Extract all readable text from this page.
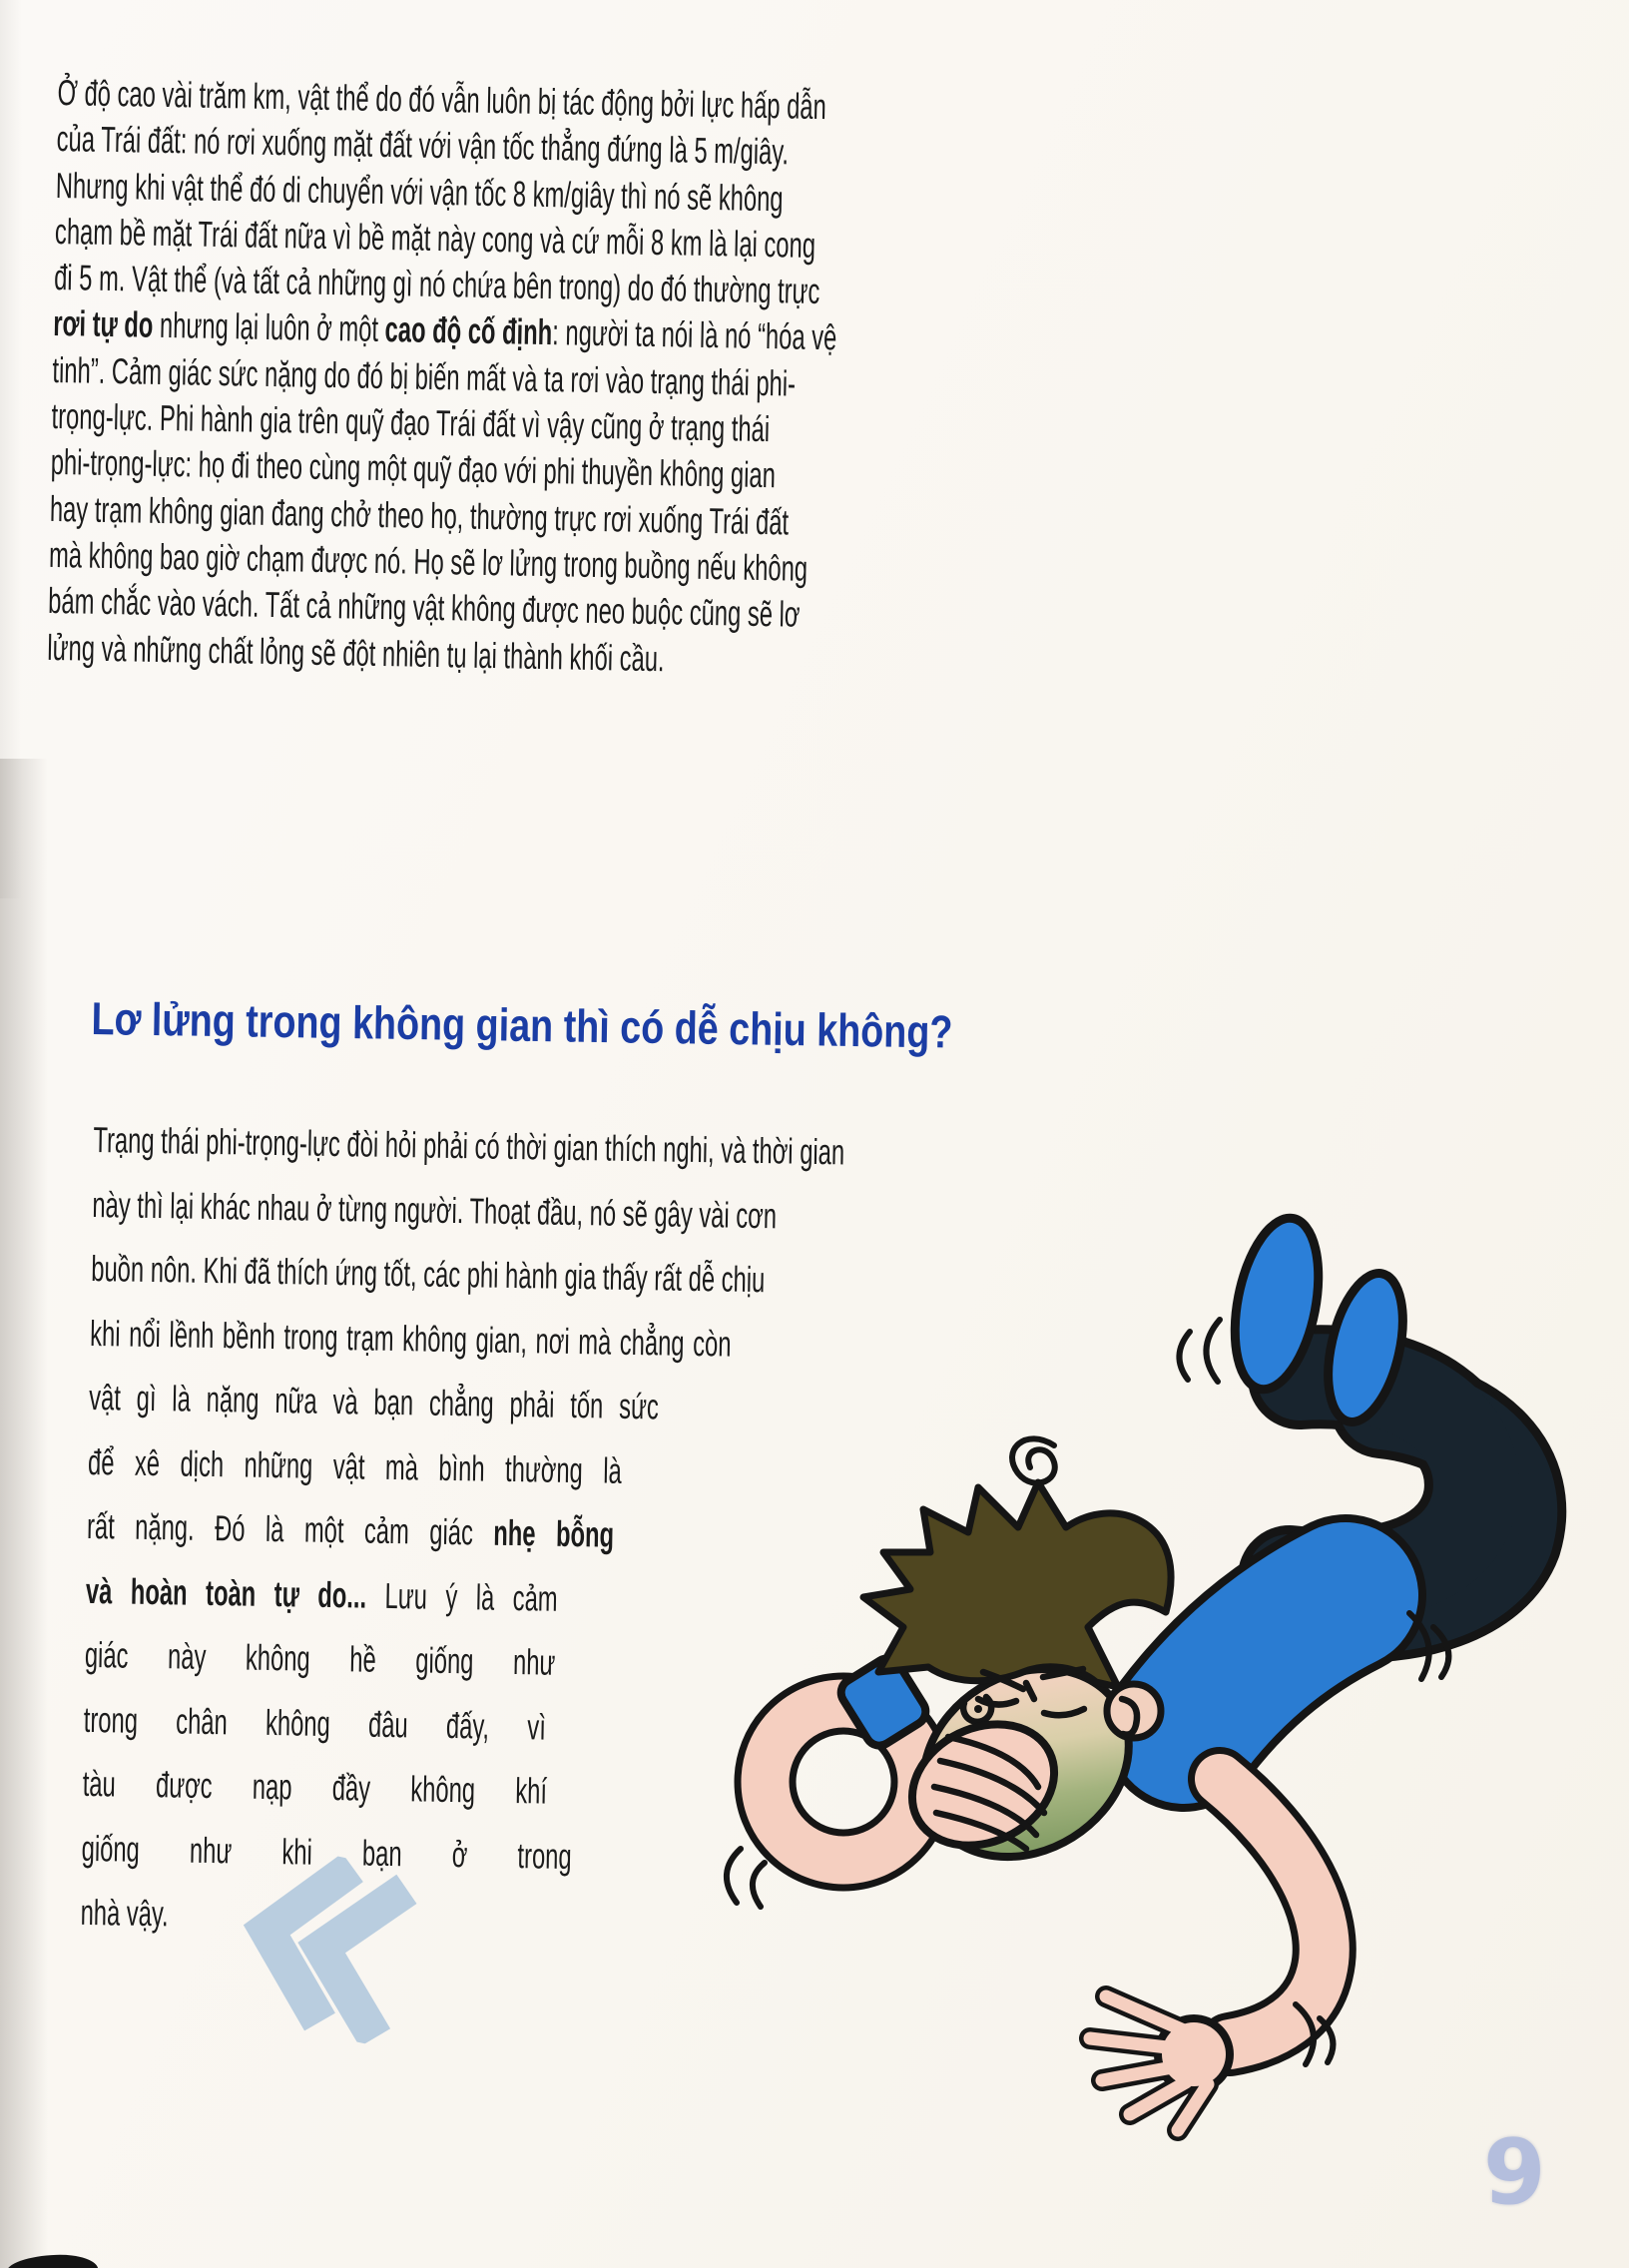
Ở độ cao vài trăm km, vật thể do đó vẫn luôn bị tác động bởi lực hấp dẫn
của Trái đất: nó rơi xuống mặt đất với vận tốc thẳng đứng là 5 m/giây.
Nhưng khi vật thể đó di chuyển với vận tốc 8 km/giây thì nó sẽ không
chạm bề mặt Trái đất nữa vì bề mặt này cong và cứ mỗi 8 km là lại cong
đi 5 m. Vật thể (và tất cả những gì nó chứa bên trong) do đó thường trực
rơi tự do nhưng lại luôn ở một cao độ cố định: người ta nói là nó “hóa vệ
tinh”. Cảm giác sức nặng do đó bị biến mất và ta rơi vào trạng thái phi-
trọng-lực. Phi hành gia trên quỹ đạo Trái đất vì vậy cũng ở trạng thái
phi-trọng-lực: họ đi theo cùng một quỹ đạo với phi thuyền không gian
hay trạm không gian đang chở theo họ, thường trực rơi xuống Trái đất
mà không bao giờ chạm được nó. Họ sẽ lơ lửng trong buồng nếu không
bám chắc vào vách. Tất cả những vật không được neo buộc cũng sẽ lơ
lửng và những chất lỏng sẽ đột nhiên tụ lại thành khối cầu.
Lơ lửng trong không gian thì có dễ chịu không?
Trạng thái phi-trọng-lực đòi hỏi phải có thời gian thích nghi, và thời gian
này thì lại khác nhau ở từng người. Thoạt đầu, nó sẽ gây vài cơn
buồn nôn. Khi đã thích ứng tốt, các phi hành gia thấy rất dễ chịu
khi nổi lềnh bềnh trong trạm không gian, nơi mà chẳng còn
vật gì là nặng nữa và bạn chẳng phải tốn sức
để xê dịch những vật mà bình thường là
rất nặng. Đó là một cảm giác nhẹ bỗng
và hoàn toàn tự do... Lưu ý là cảm
giác này không hề giống như
trong chân không đâu đấy, vì
tàu được nạp đầy không khí
giống như khi bạn ở trong
nhà vậy.
9
